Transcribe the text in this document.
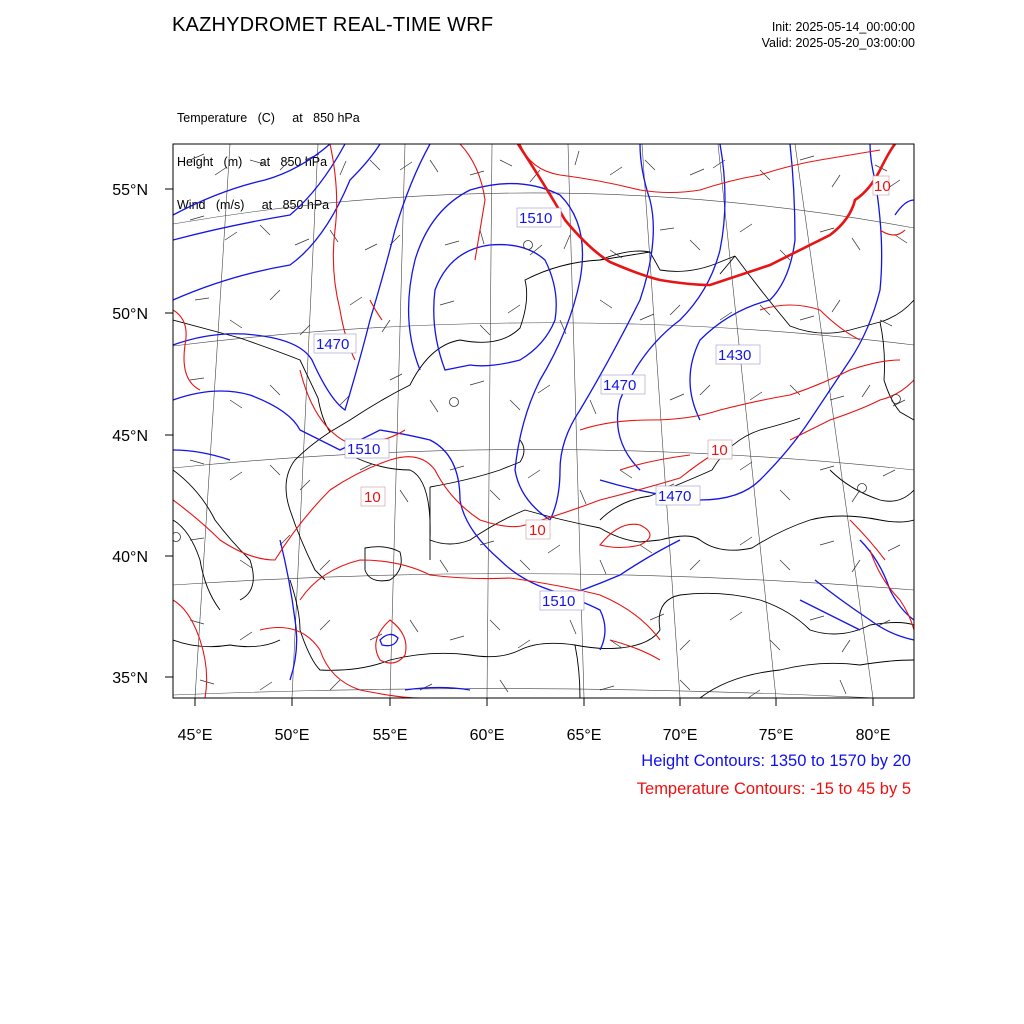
KAZHYDROMET REAL-TIME WRF	Init: 2025-05-14_00:00:00
Valid: 2025-05-20_03:00:00

Temperature   (C)     at   850 hPa

Height   (m)     at   850 hPa

Wind   (m/s)     at   850 hPa

55°N
50°N
45°N
40°N
35°N
45°E	50°E	55°E	60°E	65°E	70°E	75°E	80°E
1510
1470
1430
1470
1510
1470
1510
10
10
10
10
Height Contours: 1350 to 1570 by 20
Temperature Contours: -15 to 45 by 5
